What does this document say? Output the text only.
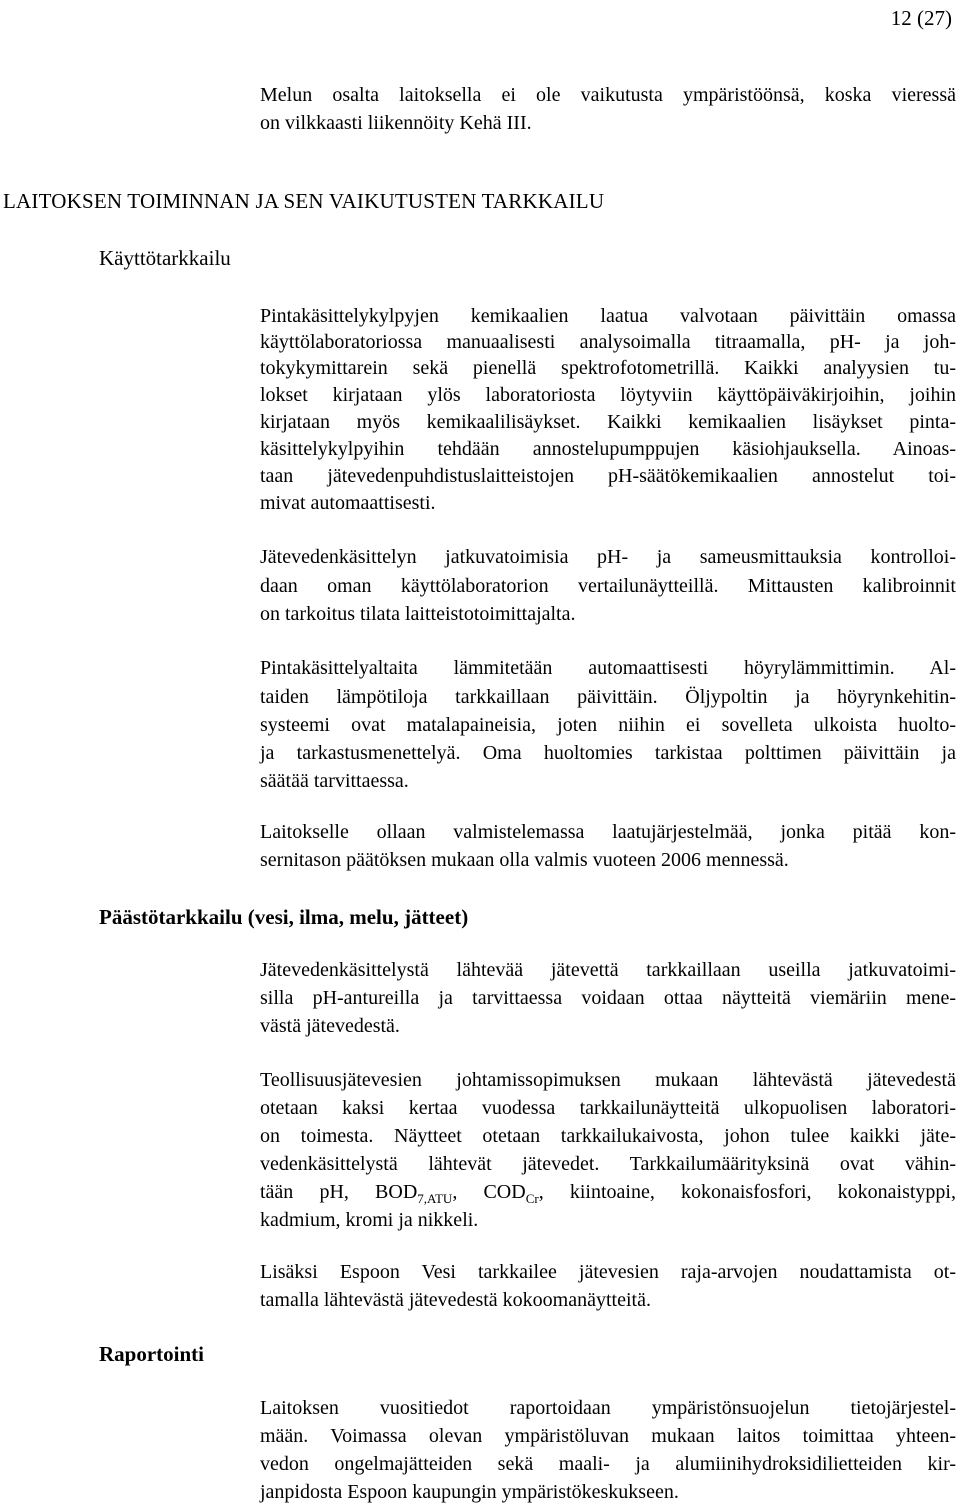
12 (27)
Melun osalta laitoksella ei ole vaikutusta ympäristöönsä, koska vieressä
on vilkkaasti liikennöity Kehä III.
LAITOKSEN TOIMINNAN JA SEN VAIKUTUSTEN TARKKAILU
Käyttötarkkailu
Pintakäsittelykylpyjen kemikaalien laatua valvotaan päivittäin omassa
käyttölaboratoriossa manuaalisesti analysoimalla titraamalla, pH- ja joh-
tokykymittarein sekä pienellä spektrofotometrillä. Kaikki analyysien tu-
lokset kirjataan ylös laboratoriosta löytyviin käyttöpäiväkirjoihin, joihin
kirjataan myös kemikaalilisäykset. Kaikki kemikaalien lisäykset pinta-
käsittelykylpyihin tehdään annostelupumppujen käsiohjauksella. Ainoas-
taan jätevedenpuhdistuslaitteistojen pH-säätökemikaalien annostelut toi-
mivat automaattisesti.
Jätevedenkäsittelyn jatkuvatoimisia pH- ja sameusmittauksia kontrolloi-
daan oman käyttölaboratorion vertailunäytteillä. Mittausten kalibroinnit
on tarkoitus tilata laitteistotoimittajalta.
Pintakäsittelyaltaita lämmitetään automaattisesti höyrylämmittimin. Al-
taiden lämpötiloja tarkkaillaan päivittäin. Öljypoltin ja höyrynkehitin-
systeemi ovat matalapaineisia, joten niihin ei sovelleta ulkoista huolto-
ja tarkastusmenettelyä. Oma huoltomies tarkistaa polttimen päivittäin ja
säätää tarvittaessa.
Laitokselle ollaan valmistelemassa laatujärjestelmää, jonka pitää kon-
sernitason päätöksen mukaan olla valmis vuoteen 2006 mennessä.
Päästötarkkailu (vesi, ilma, melu, jätteet)
Jätevedenkäsittelystä lähtevää jätevettä tarkkaillaan useilla jatkuvatoimi-
silla pH-antureilla ja tarvittaessa voidaan ottaa näytteitä viemäriin mene-
västä jätevedestä.
Teollisuusjätevesien johtamissopimuksen mukaan lähtevästä jätevedestä
otetaan kaksi kertaa vuodessa tarkkailunäytteitä ulkopuolisen laboratori-
on toimesta. Näytteet otetaan tarkkailukaivosta, johon tulee kaikki jäte-
vedenkäsittelystä lähtevät jätevedet. Tarkkailumäärityksinä ovat vähin-
tään pH, $BOD_{7,ATU}$, $COD_{Cr}$, kiintoaine, kokonaisfosfori, kokonaistyppi,
kadmium, kromi ja nikkeli.
Lisäksi Espoon Vesi tarkkailee jätevesien raja-arvojen noudattamista ot-
tamalla lähtevästä jätevedestä kokoomanäytteitä.
Raportointi
Laitoksen vuositiedot raportoidaan ympäristönsuojelun tietojärjestel-
mään. Voimassa olevan ympäristöluvan mukaan laitos toimittaa yhteen-
vedon ongelmajätteiden sekä maali- ja alumiinihydroksidilietteiden kir-
janpidosta Espoon kaupungin ympäristökeskukseen.
